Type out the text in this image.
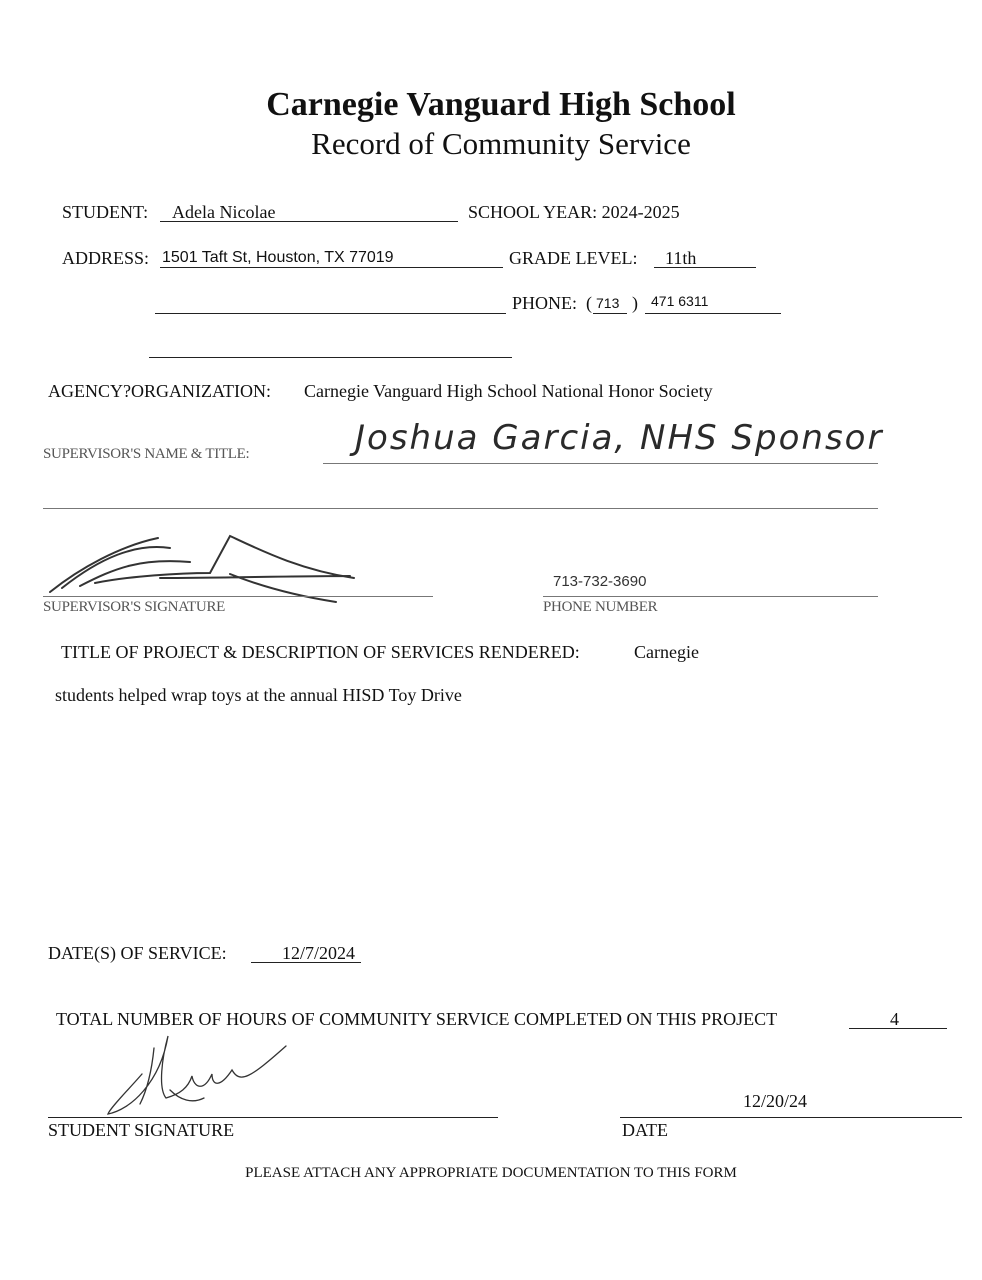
Carnegie Vanguard High School
Record of Community Service
STUDENT: Adela Nicolae	SCHOOL YEAR: 2024-2025
ADDRESS: 1501 Taft St, Houston, TX 77019	GRADE LEVEL: 11th
PHONE: ( 713 ) 471 6311
AGENCY?ORGANIZATION: Carnegie Vanguard High School National Honor Society
SUPERVISOR'S NAME & TITLE:	Joshua Garcia, NHS Sponsor
SUPERVISOR'S SIGNATURE
713-732-3690
PHONE NUMBER
TITLE OF PROJECT & DESCRIPTION OF SERVICES RENDERED:	Carnegie
students helped wrap toys at the annual HISD Toy Drive
DATE(S) OF SERVICE:	12/7/2024
TOTAL NUMBER OF HOURS OF COMMUNITY SERVICE COMPLETED ON THIS PROJECT	4
STUDENT SIGNATURE
12/20/24
DATE
PLEASE ATTACH ANY APPROPRIATE DOCUMENTATION TO THIS FORM
